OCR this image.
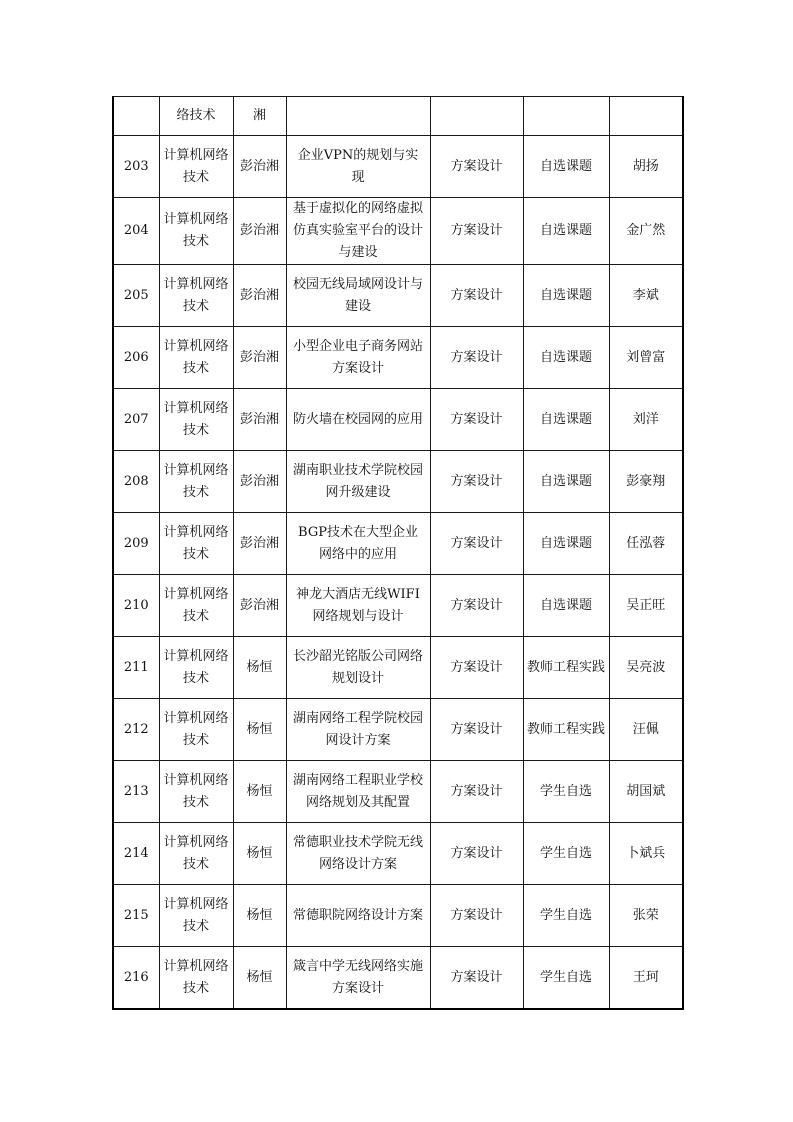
	络技术	湘				
203	计算机网络技术	彭治湘	企业VPN的规划与实现	方案设计	自选课题	胡扬
204	计算机网络技术	彭治湘	基于虚拟化的网络虚拟仿真实验室平台的设计与建设	方案设计	自选课题	金广然
205	计算机网络技术	彭治湘	校园无线局域网设计与建设	方案设计	自选课题	李斌
206	计算机网络技术	彭治湘	小型企业电子商务网站方案设计	方案设计	自选课题	刘曾富
207	计算机网络技术	彭治湘	防火墙在校园网的应用	方案设计	自选课题	刘洋
208	计算机网络技术	彭治湘	湖南职业技术学院校园网升级建设	方案设计	自选课题	彭豪翔
209	计算机网络技术	彭治湘	BGP技术在大型企业网络中的应用	方案设计	自选课题	任泓蓉
210	计算机网络技术	彭治湘	神龙大酒店无线WIFI网络规划与设计	方案设计	自选课题	吴正旺
211	计算机网络技术	杨恒	长沙韶光铭版公司网络规划设计	方案设计	教师工程实践	吴亮波
212	计算机网络技术	杨恒	湖南网络工程学院校园网设计方案	方案设计	教师工程实践	汪佩
213	计算机网络技术	杨恒	湖南网络工程职业学校网络规划及其配置	方案设计	学生自选	胡国斌
214	计算机网络技术	杨恒	常德职业技术学院无线网络设计方案	方案设计	学生自选	卜斌兵
215	计算机网络技术	杨恒	常德职院网络设计方案	方案设计	学生自选	张荣
216	计算机网络技术	杨恒	箴言中学无线网络实施方案设计	方案设计	学生自选	王珂
